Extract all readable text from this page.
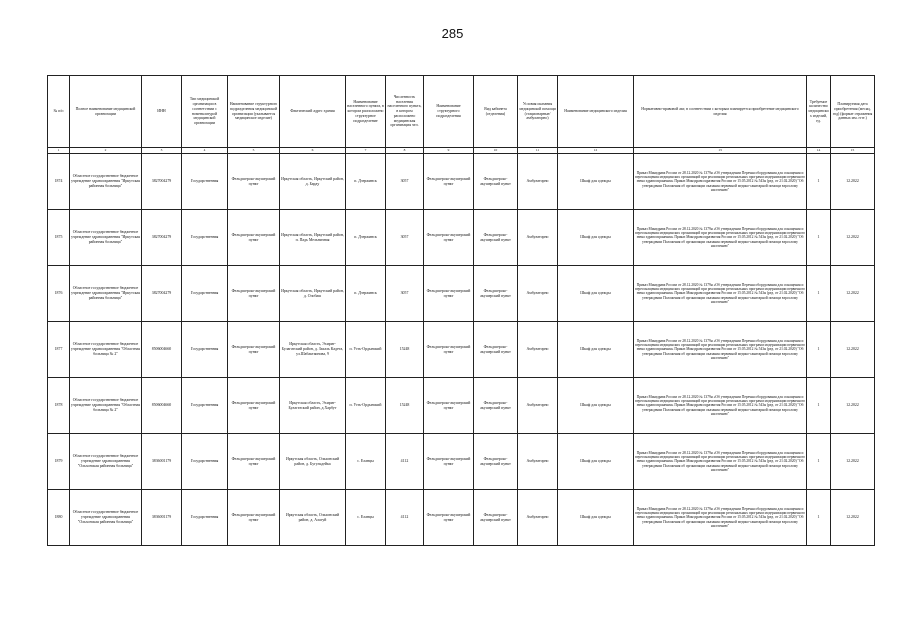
285
№ п/п	Полное наименование медицинской организации	ИНН	Тип медицинской организации в соответствии с номенклатурой медицинской организации	Наименование структурного подразделения медицинской организации (указывается медицинское изделие)	Фактический адрес здания	Наименование населенного пункта, в котором расположено структурное подразделение	Численность населения населенного пункта, в котором расположено медицинская организация чел.	Наименование структурного подразделения	Вид кабинета (отделения)	Условия оказания медицинской помощи (стационарные/амбулаторно)	Наименование медицинского изделия	Нормативно-правовой акт, в соответствии с которым планируется приобретение медицинского изделия	Требуемое количество медицинских изделий, ед.	Планируемая дата приобретения (месяц, год) (формат отражения данных мм. гггг.)
1	2	3	4	5	6	7	8	9	10	11	12	13	14	15
1874	Областное государственное бюджетное учреждение здравоохранения "Иркутская районная больница"	3827004279	Государственная	Фельдшерско-акушерский пункт	Иркутская область, Иркутский район, д. Барду	п. Дзержинск	3057	Фельдшерско-акушерский пункт	Фельдшерско-акушерский пункт	Амбулаторно	Шкаф для одежды	Приказ Минздрава России от 28.12.2020 № 1379н «Об утверждении Перечня оборудования для оснащения и переоснащения медицинских организаций при реализации региональных программ модернизации первичного звена здравоохранения» Приказ Минздравсоцразвития России от 15.05.2012 № 543н (ред. от 21.02.2020) "Об утверждении Положения об организации оказания первичной медико-санитарной помощи взрослому населению"	1	12.2022
1875	Областное государственное бюджетное учреждение здравоохранения "Иркутская районная больница"	3827004279	Государственная	Фельдшерско-акушерский пункт	Иркутская область, Иркутский район, п. Падь Мельничная	п. Дзержинск	3057	Фельдшерско-акушерский пункт	Фельдшерско-акушерский пункт	Амбулаторно	Шкаф для одежды	Приказ Минздрава России от 28.12.2020 № 1379н «Об утверждении Перечня оборудования для оснащения и переоснащения медицинских организаций при реализации региональных программ модернизации первичного звена здравоохранения» Приказ Минздравсоцразвития России от 15.05.2012 № 543н (ред. от 21.02.2020) "Об утверждении Положения об организации оказания первичной медико-санитарной помощи взрослому населению"	1	12.2022
1876	Областное государственное бюджетное учреждение здравоохранения "Иркутская районная больница"	3827004279	Государственная	Фельдшерско-акушерский пункт	Иркутская область, Иркутский район, д. Олобаш	п. Дзержинск	3057	Фельдшерско-акушерский пункт	Фельдшерско-акушерский пункт	Амбулаторно	Шкаф для одежды	Приказ Минздрава России от 28.12.2020 № 1379н «Об утверждении Перечня оборудования для оснащения и переоснащения медицинских организаций при реализации региональных программ модернизации первичного звена здравоохранения» Приказ Минздравсоцразвития России от 15.05.2012 № 543н (ред. от 21.02.2020) "Об утверждении Положения об организации оказания первичной медико-санитарной помощи взрослому населению"	1	12.2022
1877	Областное государственное бюджетное учреждение здравоохранения "Областная больница № 2"	8506004660	Государственная	Фельдшерско-акушерский пункт	Иркутская область, Эхирит-Булагатский район, д. Захаль Кадета, ул.Шабактаинова, 9	п. Усть-Ордынский	15248	Фельдшерско-акушерский пункт	Фельдшерско-акушерский пункт	Амбулаторно	Шкаф для одежды	Приказ Минздрава России от 28.12.2020 № 1379н «Об утверждении Перечня оборудования для оснащения и переоснащения медицинских организаций при реализации региональных программ модернизации первичного звена здравоохранения» Приказ Минздравсоцразвития России от 15.05.2012 № 543н (ред. от 21.02.2020) "Об утверждении Положения об организации оказания первичной медико-санитарной помощи взрослому населению"	1	12.2022
1878	Областное государственное бюджетное учреждение здравоохранения "Областная больница № 2"	8506004660	Государственная	Фельдшерско-акушерский пункт	Иркутская область, Эхирит-Булагатский район, д.Харбут	п. Усть-Ордынский	15248	Фельдшерско-акушерский пункт	Фельдшерско-акушерский пункт	Амбулаторно	Шкаф для одежды	Приказ Минздрава России от 28.12.2020 № 1379н «Об утверждении Перечня оборудования для оснащения и переоснащения медицинских организаций при реализации региональных программ модернизации первичного звена здравоохранения» Приказ Минздравсоцразвития России от 15.05.2012 № 543н (ред. от 21.02.2020) "Об утверждении Положения об организации оказания первичной медико-санитарной помощи взрослому населению"	1	12.2022
1879	Областное государственное бюджетное учреждение здравоохранения "Ольхонская районная больница"	3836001179	Государственная	Фельдшерско-акушерский пункт	Иркутская область, Ольхонский район, д. Бугульдейка	с. Еланцы	4112	Фельдшерско-акушерский пункт	Фельдшерско-акушерский пункт	Амбулаторно	Шкаф для одежды	Приказ Минздрава России от 28.12.2020 № 1379н «Об утверждении Перечня оборудования для оснащения и переоснащения медицинских организаций при реализации региональных программ модернизации первичного звена здравоохранения» Приказ Минздравсоцразвития России от 15.05.2012 № 543н (ред. от 21.02.2020) "Об утверждении Положения об организации оказания первичной медико-санитарной помощи взрослому населению"	1	12.2022
1880	Областное государственное бюджетное учреждение здравоохранения "Ольхонская районная больница"	3836001179	Государственная	Фельдшерско-акушерский пункт	Иркутская область, Ольхонский район, д. Алагуй	с. Еланцы	4112	Фельдшерско-акушерский пункт	Фельдшерско-акушерский пункт	Амбулаторно	Шкаф для одежды	Приказ Минздрава России от 28.12.2020 № 1379н «Об утверждении Перечня оборудования для оснащения и переоснащения медицинских организаций при реализации региональных программ модернизации первичного звена здравоохранения» Приказ Минздравсоцразвития России от 15.05.2012 № 543н (ред. от 21.02.2020) "Об утверждении Положения об организации оказания первичной медико-санитарной помощи взрослому населению"	1	12.2022
